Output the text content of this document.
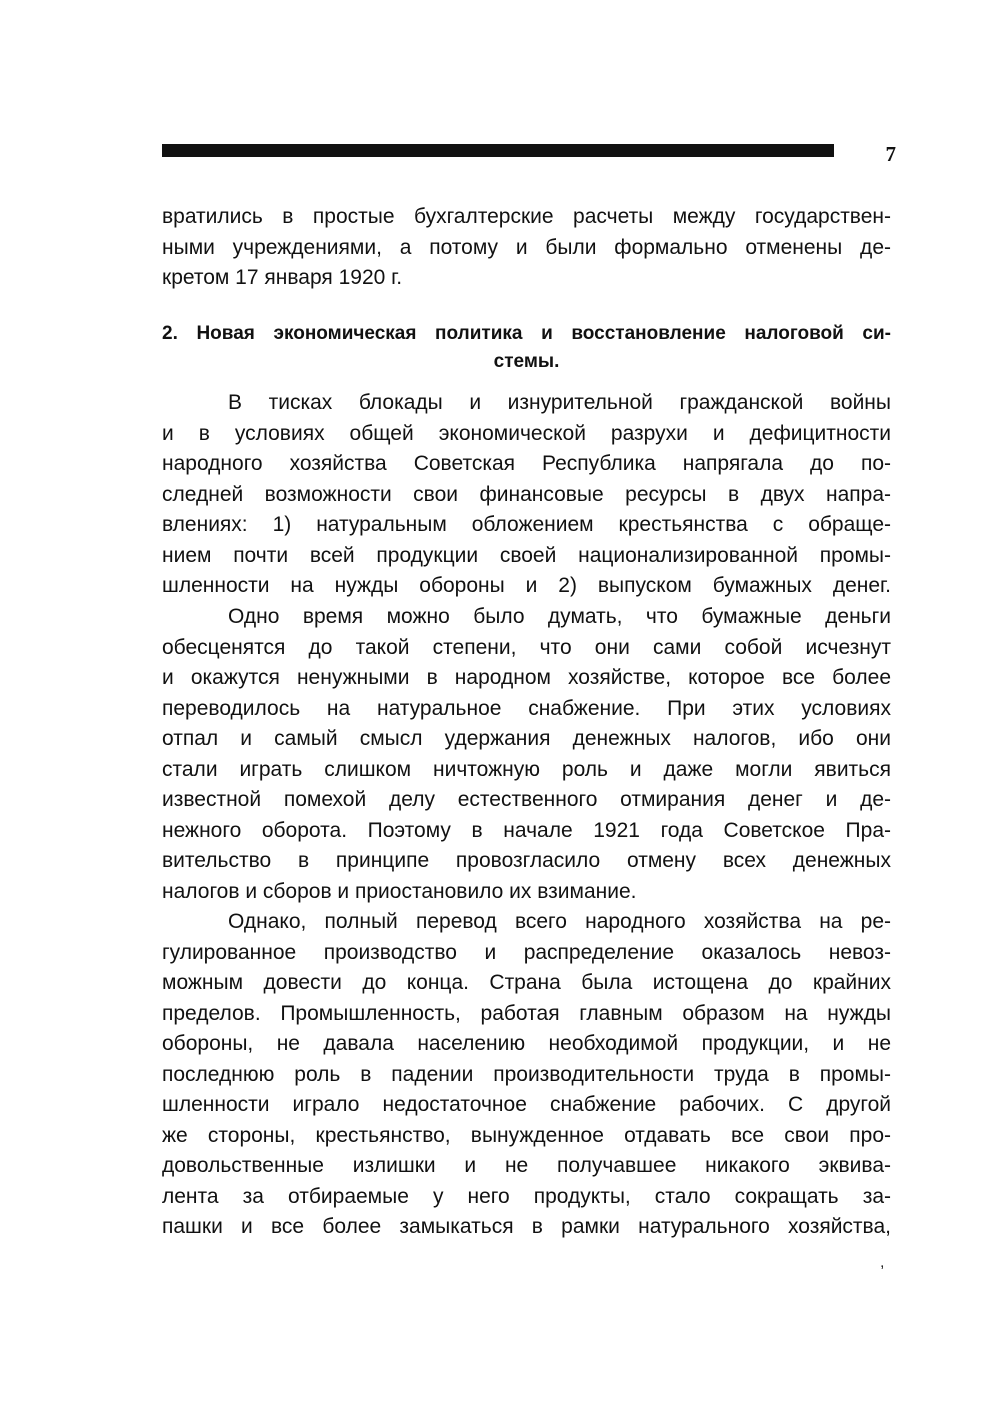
7
вратились в простые бухгалтерские расчеты между государствен-
ными учреждениями, а потому и были формально отменены де-
кретом 17 января 1920 г.
2. Новая экономическая политика и восстановление налоговой си-
стемы.
В тисках блокады и изнурительной гражданской войны
и в условиях общей экономической разрухи и дефицитности
народного хозяйства Советская Республика напрягала до по-
следней возможности свои финансовые ресурсы в двух напра-
влениях: 1) натуральным обложением крестьянства с обраще-
нием почти всей продукции своей национализированной промы-
шленности на нужды обороны и 2) выпуском бумажных денег.
Одно время можно было думать, что бумажные деньги
обесценятся до такой степени, что они сами собой исчезнут
и окажутся ненужными в народном хозяйстве, которое все более
переводилось на натуральное снабжение. При этих условиях
отпал и самый смысл удержания денежных налогов, ибо они
стали играть слишком ничтожную роль и даже могли явиться
известной помехой делу естественного отмирания денег и де-
нежного оборота. Поэтому в начале 1921 года Советское Пра-
вительство в принципе провозгласило отмену всех денежных
налогов и сборов и приостановило их взимание.
Однако, полный перевод всего народного хозяйства на ре-
гулированное производство и распределение оказалось невоз-
можным довести до конца. Страна была истощена до крайних
пределов. Промышленность, работая главным образом на нужды
обороны, не давала населению необходимой продукции, и не
последнюю роль в падении производительности труда в промы-
шленности играло недостаточное снабжение рабочих. С другой
же стороны, крестьянство, вынужденное отдавать все свои про-
довольственные излишки и не получавшее никакого эквива-
лента за отбираемые у него продукты, стало сокращать за-
пашки и все более замыкаться в рамки натурального хозяйства,
,
